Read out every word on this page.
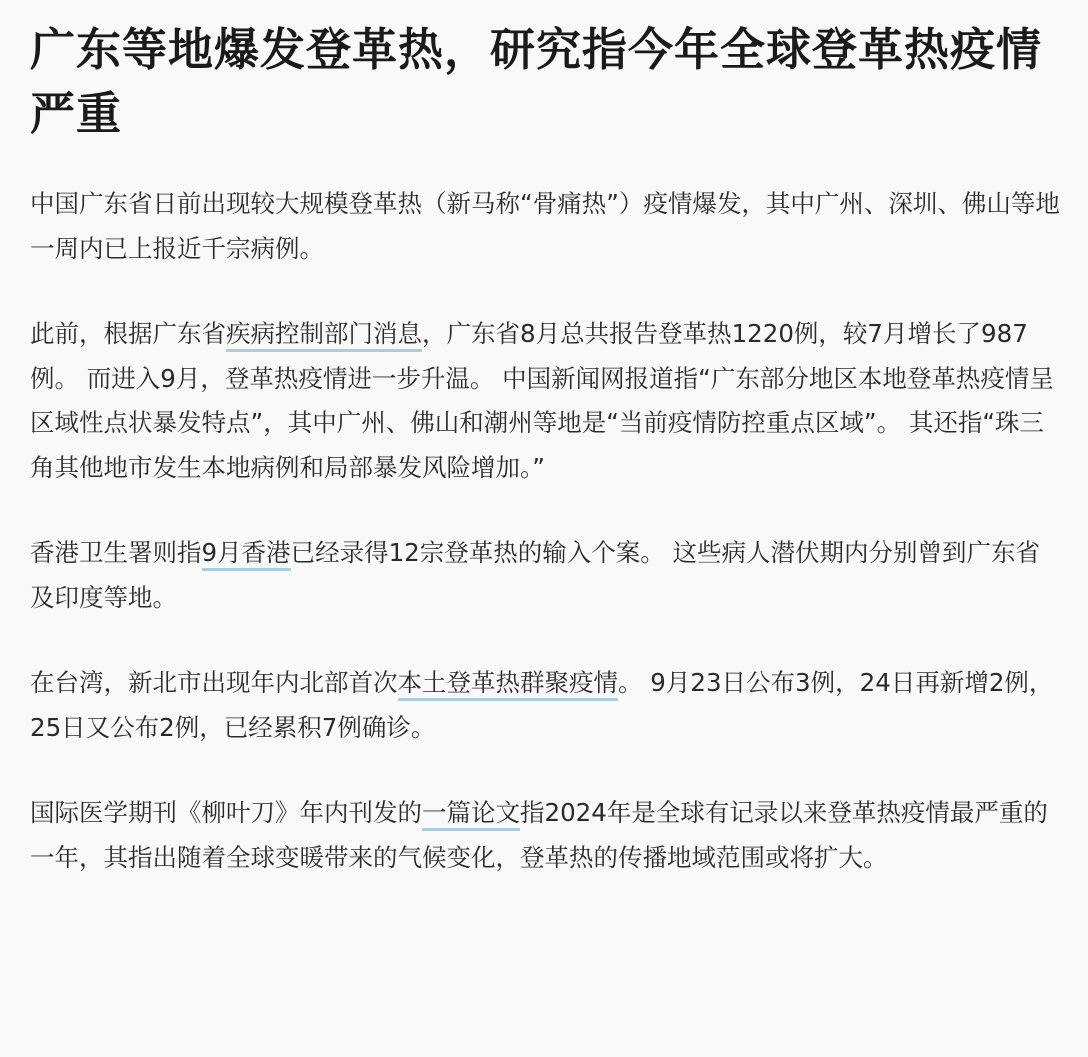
广东等地爆发登革热，研究指今年全球登革热疫情严重

中国广东省日前出现较大规模登革热（新马称“骨痛热”）疫情爆发，其中广州、深圳、佛山等地一周内已上报近千宗病例。

此前，根据广东省疾病控制部门消息，广东省8月总共报告登革热1220例，较7月增长了987例。 而进入9月，登革热疫情进一步升温。 中国新闻网报道指“广东部分地区本地登革热疫情呈区域性点状暴发特点”，其中广州、佛山和潮州等地是“当前疫情防控重点区域”。 其还指“珠三角其他地市发生本地病例和局部暴发风险增加。”

香港卫生署则指9月香港已经录得12宗登革热的输入个案。 这些病人潜伏期内分别曾到广东省及印度等地。

在台湾，新北市出现年内北部首次本土登革热群聚疫情。 9月23日公布3例，24日再新增2例，25日又公布2例，已经累积7例确诊。

国际医学期刊《柳叶刀》年内刊发的一篇论文指2024年是全球有记录以来登革热疫情最严重的一年，其指出随着全球变暖带来的气候变化，登革热的传播地域范围或将扩大。
